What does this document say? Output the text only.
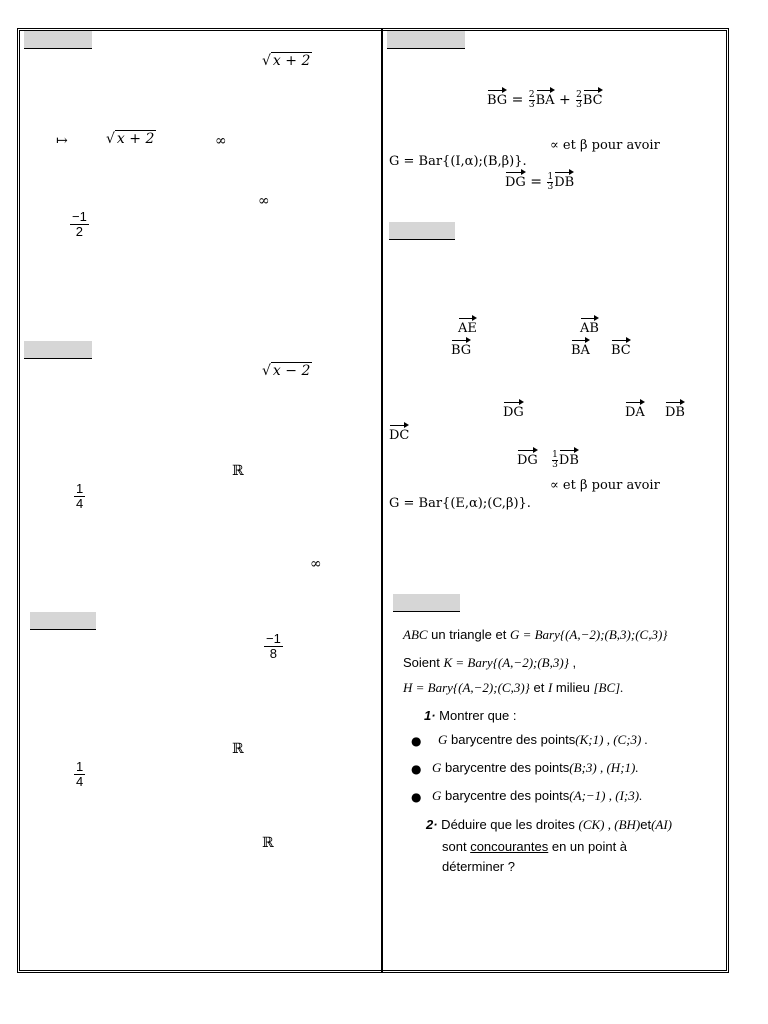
√ x + 2
↦	√ x + 2	∞
∞
$\frac{-1}{2}$
√ x − 2
ℝ
$\frac{1}{4}$
∞
$\frac{-1}{8}$
ℝ
$\frac{1}{4}$
ℝ
BG = $\frac{2}{3}$ BA + $\frac{2}{3}$ BC
∝ et β pour avoir
G = Bar{(I,α);(B,β)}.
DG = $\frac{1}{3}$ DB
AE
BG
AB
BA BC
DG	DA DB
DC
DG $\frac{1}{3}$ DB
∝ et β pour avoir
G = Bar{(E,α);(C,β)}.
ABC un triangle et G = Bary{(A,−2);(B,3);(C,3)}
Soient K = Bary{(A,−2);(B,3)} ,
H = Bary{(A,−2);(C,3)} et I milieu [BC].
1· Montrer que :
● G barycentre des points(K;1) , (C;3) .
● G barycentre des points(B;3) , (H;1).
● G barycentre des points(A;−1) , (I;3).
2· Déduire que les droites (CK) , (BH)et(AI)
sont concourantes en un point à
déterminer ?
